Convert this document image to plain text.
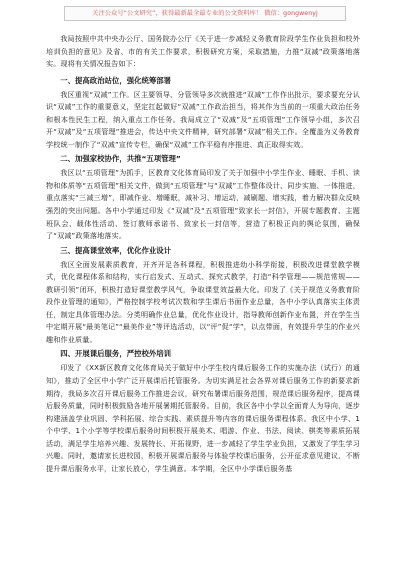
关注公众号“公文研究”，获得最新最全最专业的公文资料库！ 微信：gongwenyj

我局按照中共中央办公厅、国务院办公厅《关于进一步减轻义务教育阶段学生作业负担和校外培训负担的意见》及省、市的有关工作要求，积极研究方案，采取措施，力推“双减”政策落地落实。现将有关情况报告如下：

一、提高政治站位，强化统筹部署

我区重视“双减”工作。区主要领导、分管领导多次就推进“双减”工作作出批示，要求要充分认识“双减”工作的重要意义，坚定扛起做好“双减”工作政治担当，将其作为当前的一项重大政治任务和根本性民生工程，纳入重点工作任务。我局成立了“双减”及“五项管理”工作领导小组，多次召开“双减”及“五项管理”推进会，传达中央文件精神，研究部署“双减”相关工作。全覆盖为义务教育学校统一制作了“双减”宣传专栏，确保“双减”工作平稳有序推进、真正取得实效。

二、加强家校协作，共推“五项管理”

我区以“五项管理”为抓手，区教育文化体育局印发了关于加强中小学生作业、睡眠、手机、读物和体质等“五项管理”相关文件，做到“五项管理”与“双减”工作整体设计、同步实施、一体推进，重点落实“三减三增”，即减作业、增睡眠，减补习、增运动，减刷题、增实践，着力解决群众反映强烈的突出问题。各中小学通过印发《“双减”及“五项管理”致家长一封信》，开展专题教育、主题班队会、载体性活动、签订教师承诺书、致家长一封信等，营造了积极正向的舆论氛围，确保了“双减”政策落地落实。

三、提高课堂效率，优化作业设计

我区全面发展素质教育，开齐开足各科课程，积极推进幼小科学衔接，积极改进课堂教学模式，优化课程体系和结构，实行启发式、互动式、探究式教学，打造“科学管理——规范常规——教研引领”闭环，积极打造好课堂教学风气，争取课堂效益最大化。印发了《关于规范义务教育阶段作业管理的通知》，严格控制学校考试次数和学生课后书面作业总量，各中小学认真落实主体责任，制定具体管理办法。分类明确作业总量，优化作业设计，指导教师创新作业布置，并在学生当中定期开展“最美笔记”“最美作业”等评选活动，以“评”促“学”，以点带面，有效提升学生的作业兴趣和作业质量。

四、开展课后服务，严控校外培训

印发了《XX新区教育文化体育局关于做好中小学生校内课后服务工作的实施办法（试行）的通知》，推动了全区中小学广泛开展课后托管服务。为切实满足社会各界对课后服务工作的新要求新期待，我局多次召开课后服务工作推进会议，研究布署课后服务范围，规范课后服务程序，提高课后服务质量，同时积极鼓励各地开展暑期托管服务。目前，我区各中小学以全面育人为导向，逐步构建涵盖学业巩固、学科拓展、综合实践、素质提升等内容的课后服务课程体系。我区中小学、1个中学、1个小学等学校课后服务时间积极开展美术、唱游、作业、书法、阅读、棋类等素质拓展活动，满足学生培养兴趣、发展特长、开拓视野，进一步减轻了学生学业负担，又激发了学生学习兴趣。同时，邀请家长进校园，积极开展课后服务与体验学校课后服务，公开征求意见建议，不断提升课后服务水平，让家长放心，学生满意。本学期，全区中小学课后服务基
